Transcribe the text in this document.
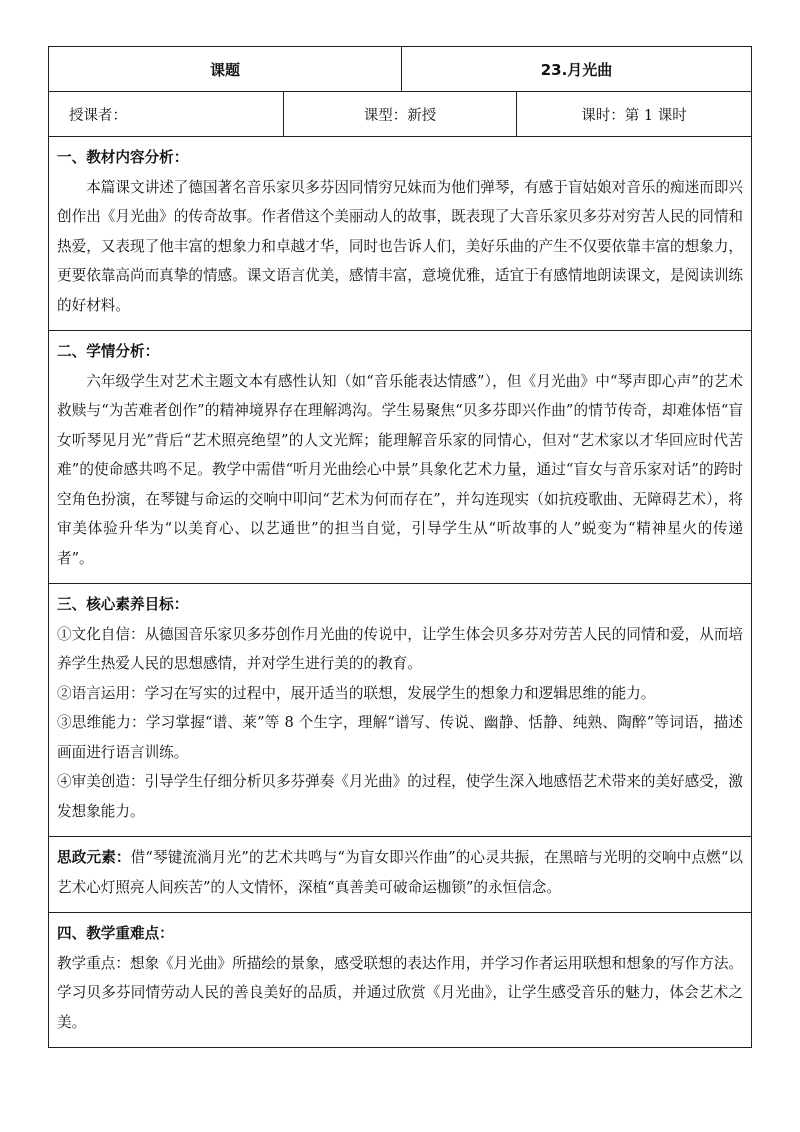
课题		23.月光曲	
授课者：	课型：新授		课时：第 1 课时

一、教材内容分析：

本篇课文讲述了德国著名音乐家贝多芬因同情穷兄妹而为他们弹琴，有感于盲姑娘对音乐的痴迷而即兴创作出《月光曲》的传奇故事。作者借这个美丽动人的故事，既表现了大音乐家贝多芬对穷苦人民的同情和热爱，又表现了他丰富的想象力和卓越才华，同时也告诉人们，美好乐曲的产生不仅要依靠丰富的想象力，更要依靠高尚而真挚的情感。课文语言优美，感情丰富，意境优雅，适宜于有感情地朗读课文，是阅读训练的好材料。			

二、学情分析：

六年级学生对艺术主题文本有感性认知（如“音乐能表达情感”），但《月光曲》中“琴声即心声”的艺术救赎与“为苦难者创作”的精神境界存在理解鸿沟。学生易聚焦“贝多芬即兴作曲”的情节传奇，却难体悟“盲女听琴见月光”背后“艺术照亮绝望”的人文光辉；能理解音乐家的同情心，但对“艺术家以才华回应时代苦难”的使命感共鸣不足。教学中需借“听月光曲绘心中景”具象化艺术力量，通过“盲女与音乐家对话”的跨时空角色扮演，在琴键与命运的交响中叩问“艺术为何而存在”，并勾连现实（如抗疫歌曲、无障碍艺术），将审美体验升华为“以美育心、以艺通世”的担当自觉，引导学生从“听故事的人”蜕变为“精神星火的传递者”。			

三、核心素养目标：

①文化自信：从德国音乐家贝多芬创作月光曲的传说中，让学生体会贝多芬对劳苦人民的同情和爱，从而培养学生热爱人民的思想感情，并对学生进行美的的教育。

②语言运用：学习在写实的过程中，展开适当的联想，发展学生的想象力和逻辑思维的能力。

③思维能力：学习掌握“谱、莱”等 8 个生字，理解“谱写、传说、幽静、恬静、纯熟、陶醉”等词语，描述画面进行语言训练。

④审美创造：引导学生仔细分析贝多芬弹奏《月光曲》的过程，使学生深入地感悟艺术带来的美好感受，激发想象能力。			

思政元素：借“琴键流淌月光”的艺术共鸣与“为盲女即兴作曲”的心灵共振，在黑暗与光明的交响中点燃“以艺术心灯照亮人间疾苦”的人文情怀，深植“真善美可破命运枷锁”的永恒信念。			

四、教学重难点：

教学重点：想象《月光曲》所描绘的景象，感受联想的表达作用，并学习作者运用联想和想象的写作方法。学习贝多芬同情劳动人民的善良美好的品质，并通过欣赏《月光曲》，让学生感受音乐的魅力，体会艺术之美。			
